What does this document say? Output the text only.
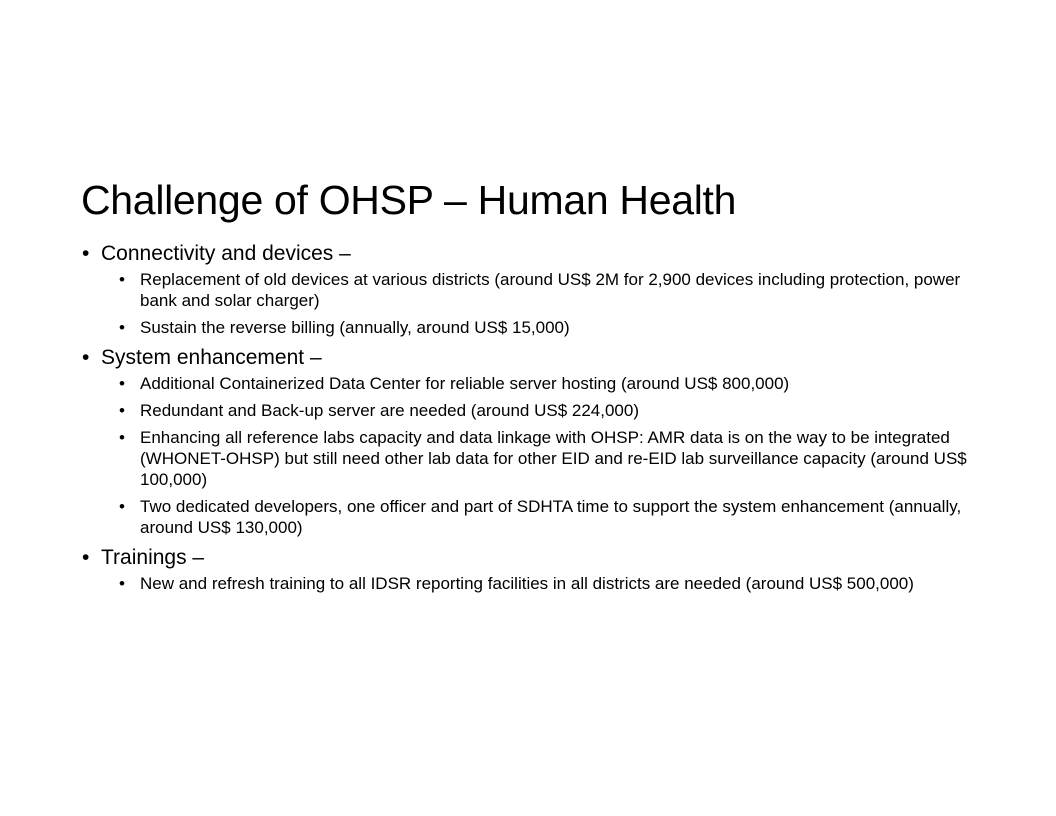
Challenge of OHSP – Human Health
• Connectivity and devices –
• Replacement of old devices at various districts (around US$ 2M for 2,900 devices including protection, power bank and solar charger)
• Sustain the reverse billing (annually, around US$ 15,000)
• System enhancement –
• Additional Containerized Data Center for reliable server hosting (around US$ 800,000)
• Redundant and Back-up server are needed (around US$ 224,000)
• Enhancing all reference labs capacity and data linkage with OHSP: AMR data is on the way to be integrated (WHONET-OHSP) but still need other lab data for other EID and re-EID lab surveillance capacity (around US$ 100,000)
• Two dedicated developers, one officer and part of SDHTA time to support the system enhancement (annually, around US$ 130,000)
• Trainings –
• New and refresh training to all IDSR reporting facilities in all districts are needed (around US$ 500,000)
